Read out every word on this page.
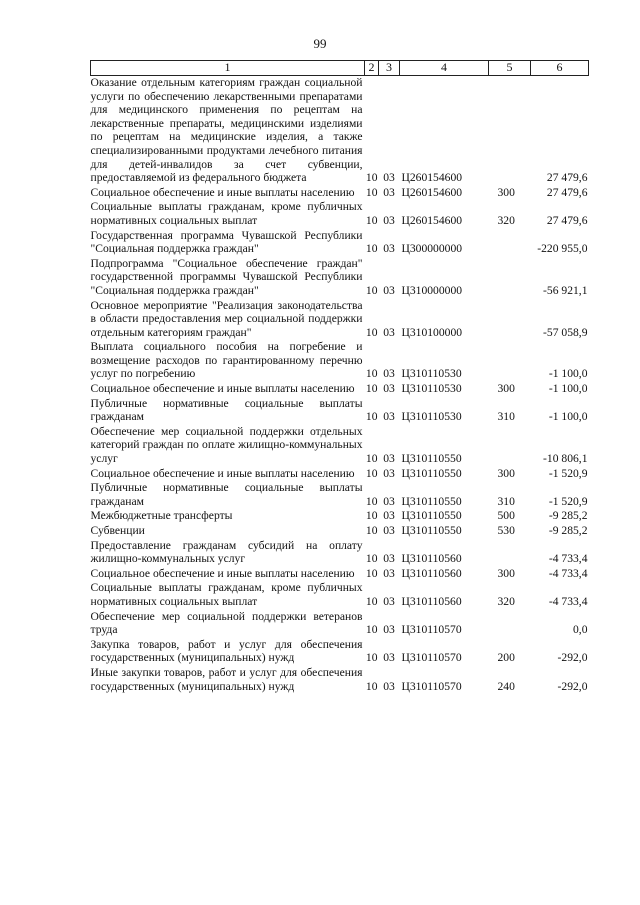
99
1	2	3	4	5	6
Оказание отдельным категориям граждан социальной услуги по обеспечению лекарственными препаратами для медицинского применения по рецептам на лекарственные препараты, медицинскими изделиями по рецептам на медицинские изделия, а также специализированными продуктами лечебного питания для детей-инвалидов за счет субвенции, предоставляемой из федерального бюджета	10	03	Ц260154600		27 479,6
Социальное обеспечение и иные выплаты населению	10	03	Ц260154600	300	27 479,6
Социальные выплаты гражданам, кроме публичных нормативных социальных выплат	10	03	Ц260154600	320	27 479,6
Государственная программа Чувашской Республики "Социальная поддержка граждан"	10	03	Ц300000000		-220 955,0
Подпрограмма "Социальное обеспечение граждан" государственной программы Чувашской Республики "Социальная поддержка граждан"	10	03	Ц310000000		-56 921,1
Основное мероприятие "Реализация законодательства в области предоставления мер социальной поддержки отдельным категориям граждан"	10	03	Ц310100000		-57 058,9
Выплата социального пособия на погребение и возмещение расходов по гарантированному перечню услуг по погребению	10	03	Ц310110530		-1 100,0
Социальное обеспечение и иные выплаты населению	10	03	Ц310110530	300	-1 100,0
Публичные нормативные социальные выплаты гражданам	10	03	Ц310110530	310	-1 100,0
Обеспечение мер социальной поддержки отдельных категорий граждан по оплате жилищно-коммунальных услуг	10	03	Ц310110550		-10 806,1
Социальное обеспечение и иные выплаты населению	10	03	Ц310110550	300	-1 520,9
Публичные нормативные социальные выплаты гражданам	10	03	Ц310110550	310	-1 520,9
Межбюджетные трансферты	10	03	Ц310110550	500	-9 285,2
Субвенции	10	03	Ц310110550	530	-9 285,2
Предоставление гражданам субсидий на оплату жилищно-коммунальных услуг	10	03	Ц310110560		-4 733,4
Социальное обеспечение и иные выплаты населению	10	03	Ц310110560	300	-4 733,4
Социальные выплаты гражданам, кроме публичных нормативных социальных выплат	10	03	Ц310110560	320	-4 733,4
Обеспечение мер социальной поддержки ветеранов труда	10	03	Ц310110570		0,0
Закупка товаров, работ и услуг для обеспечения государственных (муниципальных) нужд	10	03	Ц310110570	200	-292,0
Иные закупки товаров, работ и услуг для обеспечения государственных (муниципальных) нужд	10	03	Ц310110570	240	-292,0
